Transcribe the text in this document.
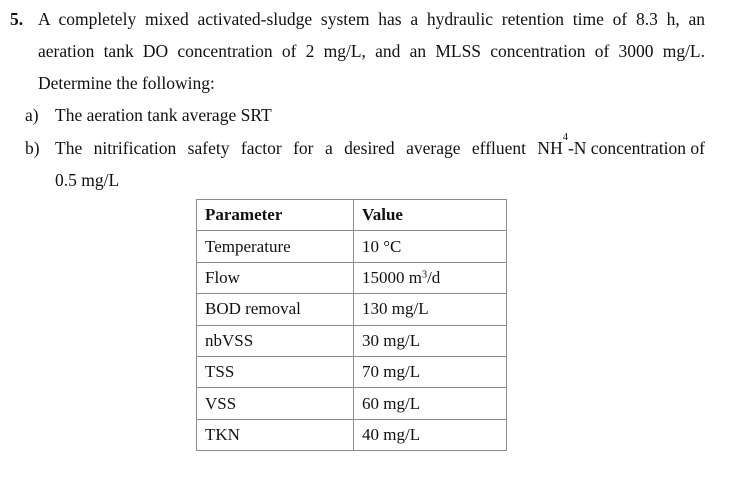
5. A completely mixed activated-sludge system has a hydraulic retention time of 8.3 h, an
aeration tank DO concentration of 2 mg/L, and an MLSS concentration of 3000 mg/L.
Determine the following:
a) The aeration tank average SRT
b) The nitrification safety factor for a desired average effluent NH
4
-N concentration of
0.5 mg/L
Parameter	Value
Temperature	10 °C
Flow	15000 $m^3/d$
BOD removal	130 mg/L
nbVSS	30 mg/L
TSS	70 mg/L
VSS	60 mg/L
TKN	40 mg/L
